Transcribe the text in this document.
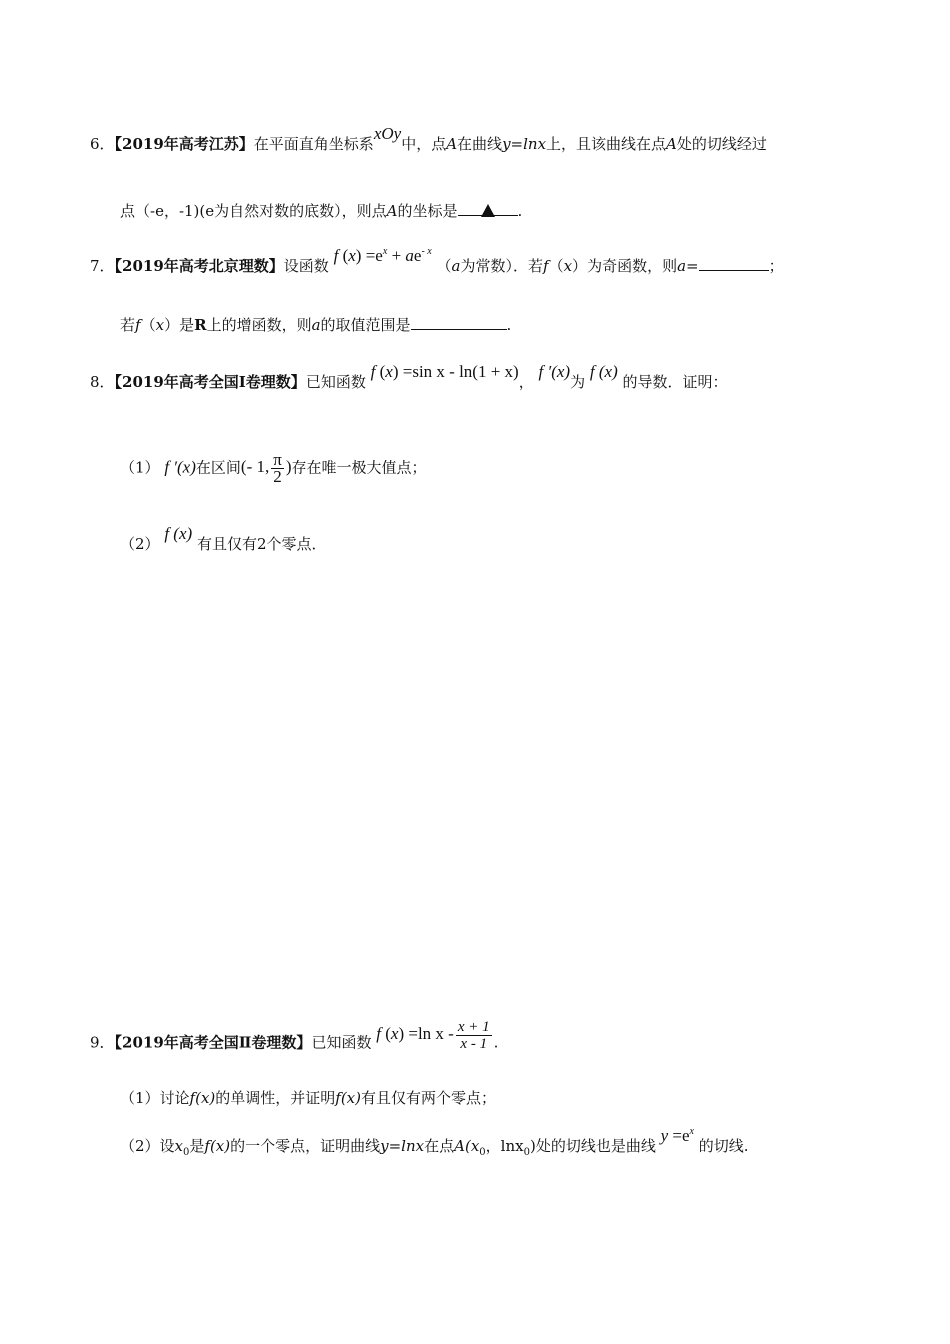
6．【2019年高考江苏】在平面直角坐标系xOy中，点A在曲线y=lnx上，且该曲线在点A处的切线经过
点（-e，-1)(e为自然对数的底数），则点A的坐标是	.
7．【2019年高考北京理数】设函数 f $(x) =e^x + ae^{- x}$ （a为常数）．若f（x）为奇函数，则a=	；
若f（x）是R上的增函数，则a的取值范围是	.
8．【2019年高考全国Ⅰ卷理数】已知函数 f (x) =sin x - ln(1 + x)， f ′(x)为 f (x) 的导数．证明：
（1） f ′(x)在区间(- 1, $\frac{\pi}{2}$ )存在唯一极大值点；
（2） f (x) 有且仅有2个零点．
9．【2019年高考全国Ⅱ卷理数】已知函数 f (x) =ln x - $\frac{x + 1}{x - 1}$ .
（1）讨论f(x)的单调性，并证明f(x)有且仅有两个零点；
（2）设$x_0$是f(x)的一个零点，证明曲线y=lnx在点$A(x_0$，lnx$_0$)处的切线也是曲线 $y =e^x$ 的切线.
